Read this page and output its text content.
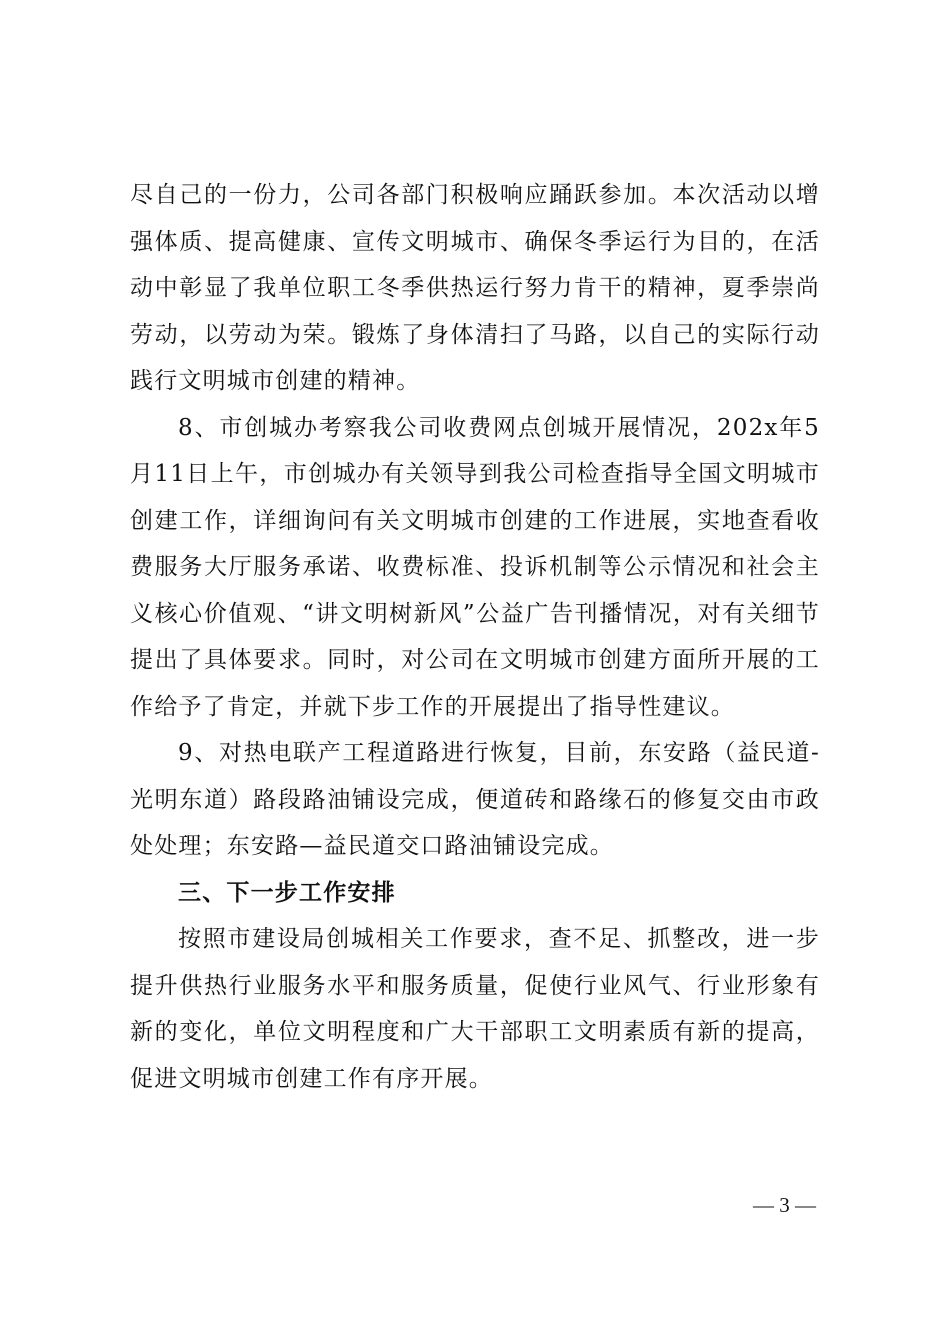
尽自己的一份力，公司各部门积极响应踊跃参加。本次活动以增强体质、提高健康、宣传文明城市、确保冬季运行为目的，在活动中彰显了我单位职工冬季供热运行努力肯干的精神，夏季崇尚劳动，以劳动为荣。锻炼了身体清扫了马路，以自己的实际行动践行文明城市创建的精神。

8、市创城办考察我公司收费网点创城开展情况，202x年5月11日上午，市创城办有关领导到我公司检查指导全国文明城市创建工作，详细询问有关文明城市创建的工作进展，实地查看收费服务大厅服务承诺、收费标准、投诉机制等公示情况和社会主义核心价值观、“讲文明树新风”公益广告刊播情况，对有关细节提出了具体要求。同时，对公司在文明城市创建方面所开展的工作给予了肯定，并就下步工作的开展提出了指导性建议。

9、对热电联产工程道路进行恢复，目前，东安路（益民道-光明东道）路段路油铺设完成，便道砖和路缘石的修复交由市政处处理；东安路—益民道交口路油铺设完成。

三、下一步工作安排

按照市建设局创城相关工作要求，查不足、抓整改，进一步提升供热行业服务水平和服务质量，促使行业风气、行业形象有新的变化，单位文明程度和广大干部职工文明素质有新的提高，促进文明城市创建工作有序开展。

— 3 —
